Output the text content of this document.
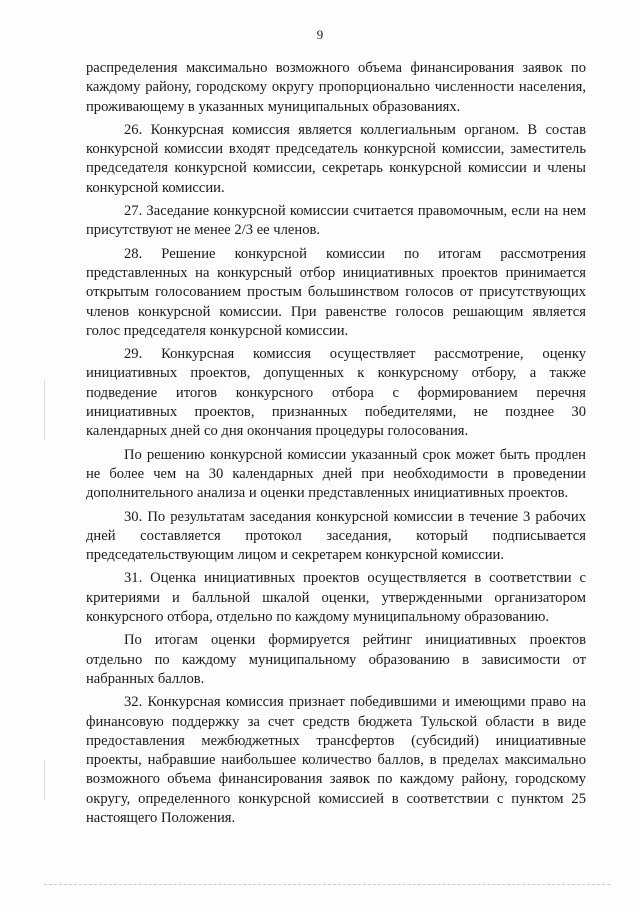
9

распределения максимально возможного объема финансирования заявок по каждому району, городскому округу пропорционально численности населения, проживающему в указанных муниципальных образованиях.

26. Конкурсная комиссия является коллегиальным органом. В состав конкурсной комиссии входят председатель конкурсной комиссии, заместитель председателя конкурсной комиссии, секретарь конкурсной комиссии и члены конкурсной комиссии.

27. Заседание конкурсной комиссии считается правомочным, если на нем присутствуют не менее 2/3 ее членов.

28. Решение конкурсной комиссии по итогам рассмотрения представленных на конкурсный отбор инициативных проектов принимается открытым голосованием простым большинством голосов от присутствующих членов конкурсной комиссии. При равенстве голосов решающим является голос председателя конкурсной комиссии.

29. Конкурсная комиссия осуществляет рассмотрение, оценку инициативных проектов, допущенных к конкурсному отбору, а также подведение итогов конкурсного отбора с формированием перечня инициативных проектов, признанных победителями, не позднее 30 календарных дней со дня окончания процедуры голосования.

По решению конкурсной комиссии указанный срок может быть продлен не более чем на 30 календарных дней при необходимости в проведении дополнительного анализа и оценки представленных инициативных проектов.

30. По результатам заседания конкурсной комиссии в течение 3 рабочих дней составляется протокол заседания, который подписывается председательствующим лицом и секретарем конкурсной комиссии.

31. Оценка инициативных проектов осуществляется в соответствии с критериями и балльной шкалой оценки, утвержденными организатором конкурсного отбора, отдельно по каждому муниципальному образованию.

По итогам оценки формируется рейтинг инициативных проектов отдельно по каждому муниципальному образованию в зависимости от набранных баллов.

32. Конкурсная комиссия признает победившими и имеющими право на финансовую поддержку за счет средств бюджета Тульской области в виде предоставления межбюджетных трансфертов (субсидий) инициативные проекты, набравшие наибольшее количество баллов, в пределах максимально возможного объема финансирования заявок по каждому району, городскому округу, определенного конкурсной комиссией в соответствии с пунктом 25 настоящего Положения.
